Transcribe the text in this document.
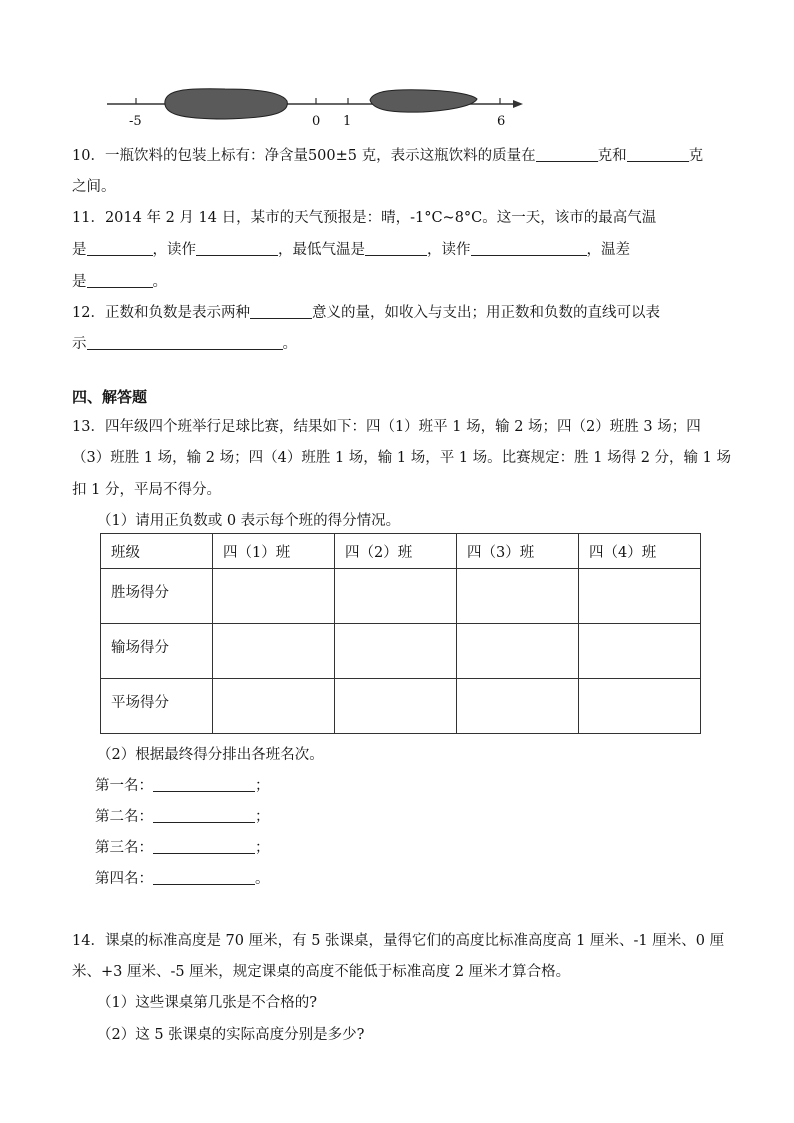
-5	0 1	6
10．一瓶饮料的包装上标有：净含量500±5 克，表示这瓶饮料的质量在	克和	克
之间。
11．2014 年 2 月 14 日，某市的天气预报是：晴，-1°C~8°C。这一天，该市的最高气温
是	，读作	，最低气温是	，读作	，温差
是	。
12．正数和负数是表示两种	意义的量，如收入与支出；用正数和负数的直线可以表
示	。
四、解答题
13．四年级四个班举行足球比赛，结果如下：四（1）班平 1 场，输 2 场；四（2）班胜 3 场；四
（3）班胜 1 场，输 2 场；四（4）班胜 1 场，输 1 场，平 1 场。比赛规定：胜 1 场得 2 分，输 1 场
扣 1 分，平局不得分。
（1）请用正负数或 0 表示每个班的得分情况。
班级	四（1）班	四（2）班	四（3）班	四（4）班
胜场得分				
输场得分				
平场得分				
（2）根据最终得分排出各班名次。
第一名：	；
第二名：	；
第三名：	；
第四名：	。
14．课桌的标准高度是 70 厘米，有 5 张课桌，量得它们的高度比标准高度高 1 厘米、-1 厘米、0 厘
米、+3 厘米、-5 厘米，规定课桌的高度不能低于标准高度 2 厘米才算合格。
（1）这些课桌第几张是不合格的?
（2）这 5 张课桌的实际高度分别是多少?
